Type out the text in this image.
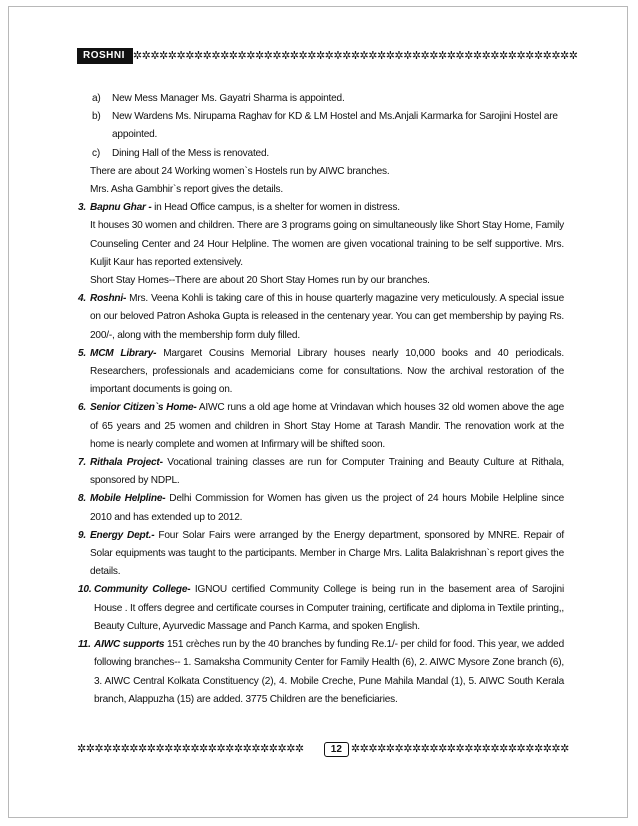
ROSHNI ✲✲✲✲✲✲✲✲✲✲✲✲✲✲✲✲✲✲✲✲✲✲✲✲✲✲✲✲✲✲✲✲✲✲✲✲✲✲✲✲✲✲✲✲✲✲✲✲✲✲✲
a)	New Mess Manager Ms. Gayatri Sharma is appointed.
b)	New Wardens Ms. Nirupama Raghav for KD & LM Hostel and Ms.Anjali Karmarka for Sarojini Hostel are appointed.
c)	Dining Hall of the Mess is renovated.
There are about 24 Working women`s Hostels run by AIWC branches.
Mrs. Asha Gambhir`s report gives the details.
3. Bapnu Ghar - in Head Office campus, is a shelter for women in distress.
It houses 30 women and children. There are 3 programs going on simultaneously like Short Stay Home, Family Counseling Center and 24 Hour Helpline. The women are given vocational training to be self supportive. Mrs. Kuljit Kaur has reported extensively.
Short Stay Homes--There are about 20 Short Stay Homes run by our branches.
4. Roshni- Mrs. Veena Kohli is taking care of this in house quarterly magazine very meticulously. A special issue on our beloved Patron Ashoka Gupta is released in the centenary year. You can get membership by paying Rs. 200/-, along with the membership form duly filled.
5. MCM Library- Margaret Cousins Memorial Library houses nearly 10,000 books and 40 periodicals. Researchers, professionals and academicians come for consultations. Now the archival restoration of the important documents is going on.
6. Senior Citizen`s Home- AIWC runs a old age home at Vrindavan which houses 32 old women above the age of 65 years and 25 women and children in Short Stay Home at Tarash Mandir. The renovation work at the home is nearly complete and women at Infirmary will be shifted soon.
7. Rithala Project- Vocational training classes are run for Computer Training and Beauty Culture at Rithala, sponsored by NDPL.
8. Mobile Helpline- Delhi Commission for Women has given us the project of 24 hours Mobile Helpline since 2010 and has extended up to 2012.
9. Energy Dept.- Four Solar Fairs were arranged by the Energy department, sponsored by MNRE. Repair of Solar equipments was taught to the participants. Member in Charge Mrs. Lalita Balakrishnan`s report gives the details.
10. Community College- IGNOU certified Community College is being run in the basement area of Sarojini House . It offers degree and certificate courses in Computer training, certificate and diploma in Textile printing,, Beauty Culture, Ayurvedic Massage and Panch Karma, and spoken English.
11. AIWC supports 151 crèches run by the 40 branches by funding Re.1/- per child for food. This year, we added following branches-- 1. Samaksha Community Center for Family Health (6), 2. AIWC Mysore Zone branch (6), 3. AIWC Central Kolkata Constituency (2), 4. Mobile Creche, Pune Mahila Mandal (1), 5. AIWC South Kerala branch, Alappuzha (15) are added. 3775 Children are the beneficiaries.
✲✲✲✲✲✲✲✲✲✲✲✲✲✲✲✲✲✲✲✲✲✲✲✲✲✲	12 ✲✲✲✲✲✲✲✲✲✲✲✲✲✲✲✲✲✲✲✲✲✲✲✲✲
